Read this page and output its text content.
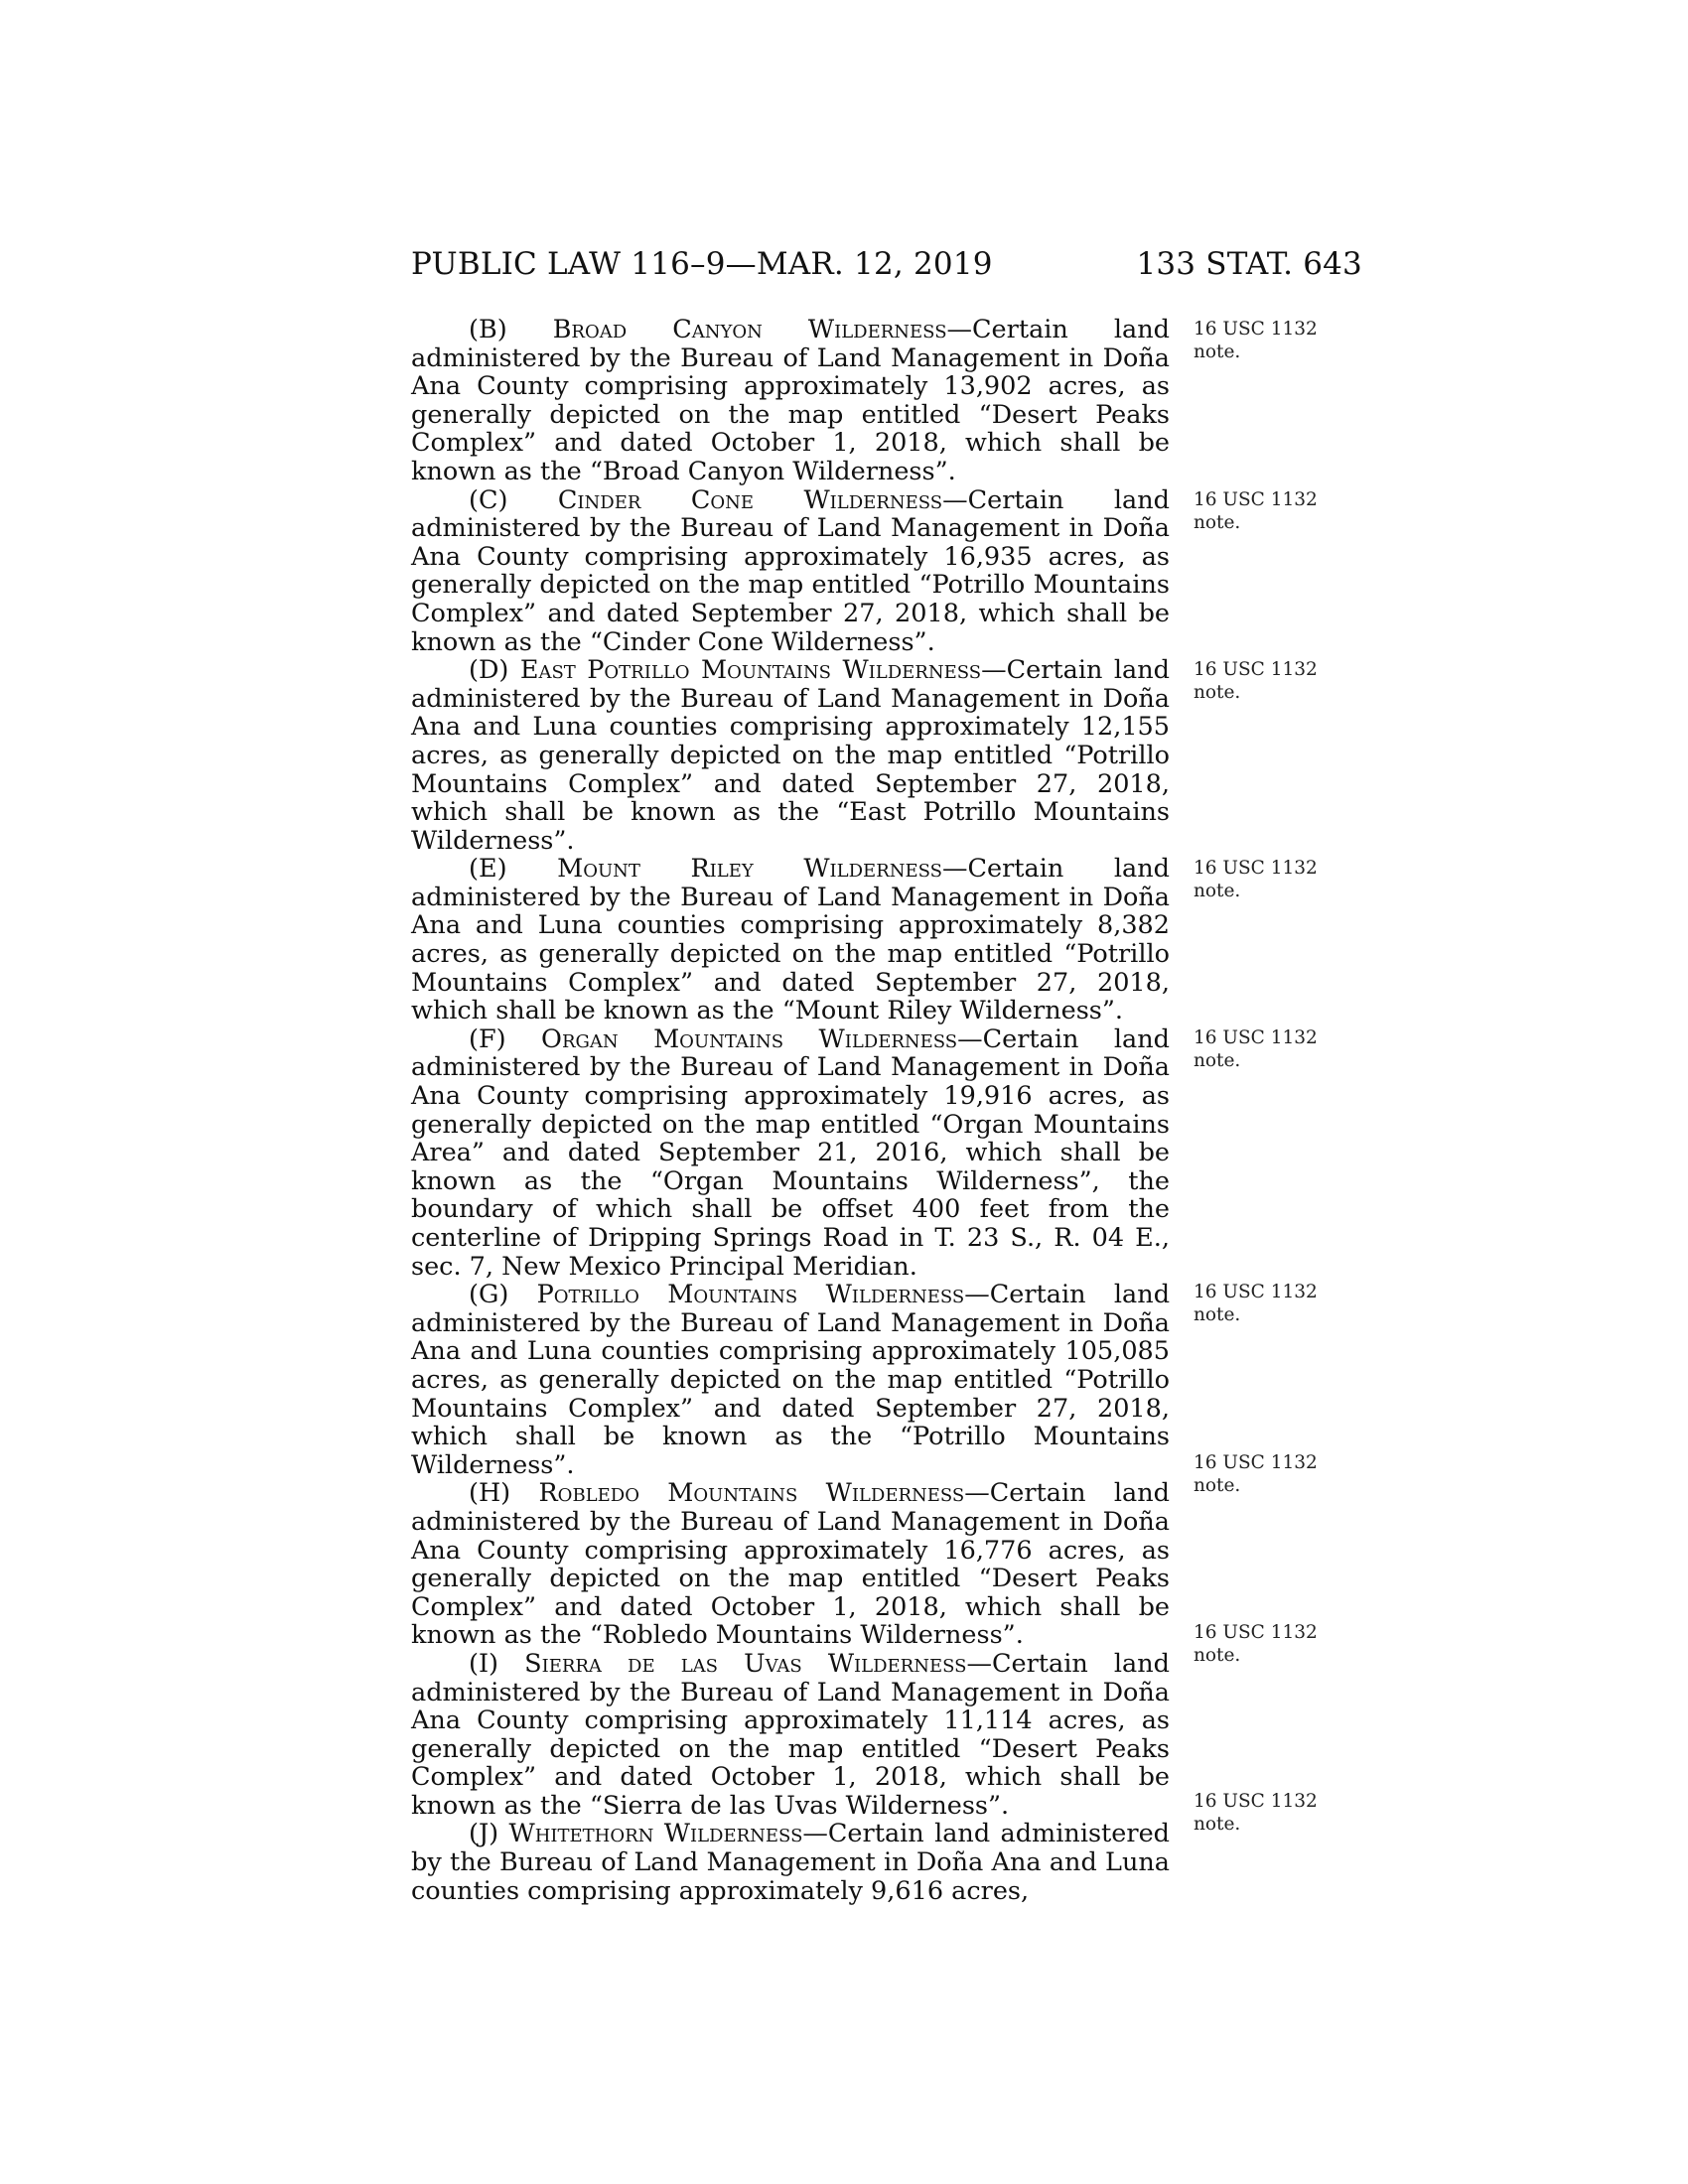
PUBLIC LAW 116–9—MAR. 12, 2019	133 STAT. 643

(B) Broad Canyon Wilderness—Certain land administered by the Bureau of Land Management in Doña Ana County comprising approximately 13,902 acres, as generally depicted on the map entitled “Desert Peaks Complex” and dated October 1, 2018, which shall be known as the “Broad Canyon Wilderness”.

(C) Cinder Cone Wilderness—Certain land administered by the Bureau of Land Management in Doña Ana County comprising approximately 16,935 acres, as generally depicted on the map entitled “Potrillo Mountains Complex” and dated September 27, 2018, which shall be known as the “Cinder Cone Wilderness”.

(D) East Potrillo Mountains Wilderness—Certain land administered by the Bureau of Land Management in Doña Ana and Luna counties comprising approximately 12,155 acres, as generally depicted on the map entitled “Potrillo Mountains Complex” and dated September 27, 2018, which shall be known as the “East Potrillo Mountains Wilderness”.

(E) Mount Riley Wilderness—Certain land administered by the Bureau of Land Management in Doña Ana and Luna counties comprising approximately 8,382 acres, as generally depicted on the map entitled “Potrillo Mountains Complex” and dated September 27, 2018, which shall be known as the “Mount Riley Wilderness”.

(F) Organ Mountains Wilderness—Certain land administered by the Bureau of Land Management in Doña Ana County comprising approximately 19,916 acres, as generally depicted on the map entitled “Organ Mountains Area” and dated September 21, 2016, which shall be known as the “Organ Mountains Wilderness”, the boundary of which shall be offset 400 feet from the centerline of Dripping Springs Road in T. 23 S., R. 04 E., sec. 7, New Mexico Principal Meridian.

(G) Potrillo Mountains Wilderness—Certain land administered by the Bureau of Land Management in Doña Ana and Luna counties comprising approximately 105,085 acres, as generally depicted on the map entitled “Potrillo Mountains Complex” and dated September 27, 2018, which shall be known as the “Potrillo Mountains Wilderness”.

(H) Robledo Mountains Wilderness—Certain land administered by the Bureau of Land Management in Doña Ana County comprising approximately 16,776 acres, as generally depicted on the map entitled “Desert Peaks Complex” and dated October 1, 2018, which shall be known as the “Robledo Mountains Wilderness”.

(I) Sierra de las Uvas Wilderness—Certain land administered by the Bureau of Land Management in Doña Ana County comprising approximately 11,114 acres, as generally depicted on the map entitled “Desert Peaks Complex” and dated October 1, 2018, which shall be known as the “Sierra de las Uvas Wilderness”.

(J) Whitethorn Wilderness—Certain land administered by the Bureau of Land Management in Doña Ana and Luna counties comprising approximately 9,616 acres,

16 USC 1132 note.
16 USC 1132 note.
16 USC 1132 note.
16 USC 1132 note.
16 USC 1132 note.
16 USC 1132 note.
16 USC 1132 note.
16 USC 1132 note.
16 USC 1132 note.
